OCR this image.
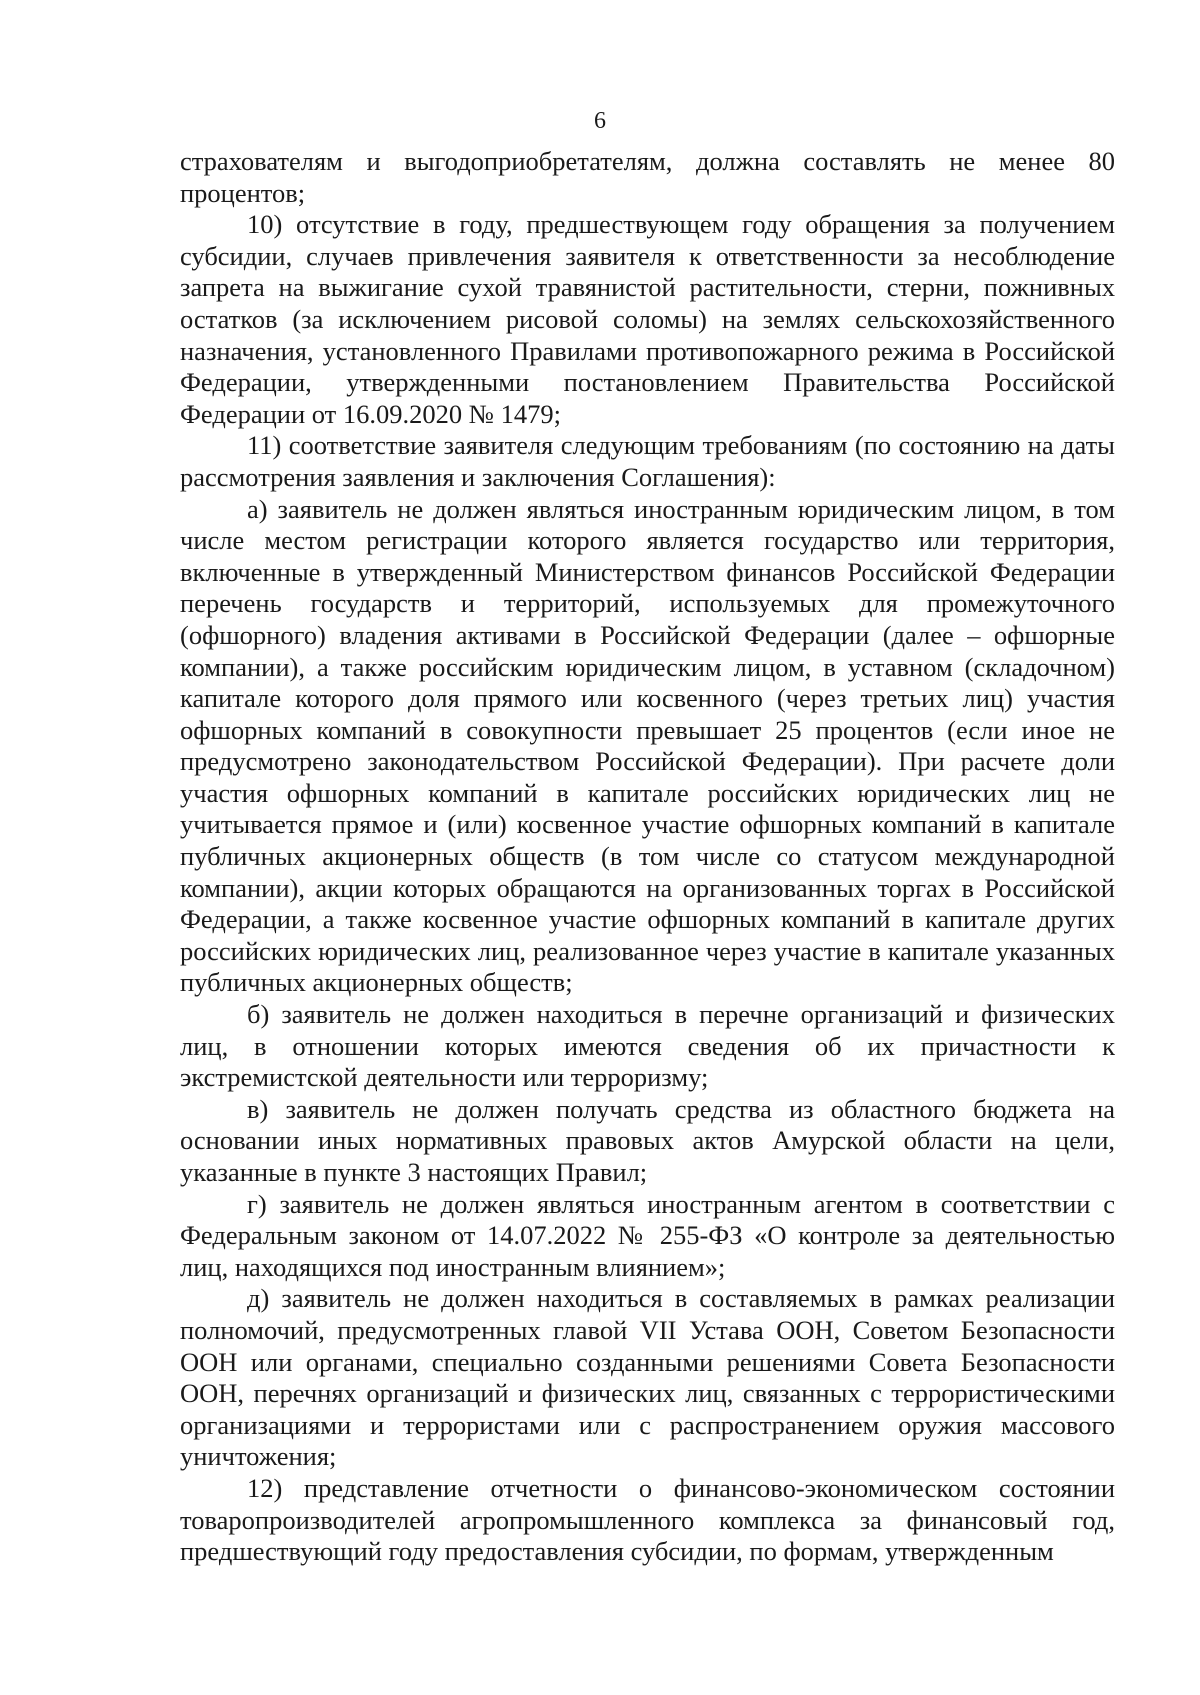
6

страхователям и выгодоприобретателям, должна составлять не менее 80 процентов;

10) отсутствие в году, предшествующем году обращения за получением субсидии, случаев привлечения заявителя к ответственности за несоблюдение запрета на выжигание сухой травянистой растительности, стерни, пожнивных остатков (за исключением рисовой соломы) на землях сельскохозяйственного назначения, установленного Правилами противопожарного режима в Российской Федерации, утвержденными постановлением Правительства Российской Федерации от 16.09.2020 № 1479;

11) соответствие заявителя следующим требованиям (по состоянию на даты рассмотрения заявления и заключения Соглашения):

а) заявитель не должен являться иностранным юридическим лицом, в том числе местом регистрации которого является государство или территория, включенные в утвержденный Министерством финансов Российской Федерации перечень государств и территорий, используемых для промежуточного (офшорного) владения активами в Российской Федерации (далее – офшорные компании), а также российским юридическим лицом, в уставном (складочном) капитале которого доля прямого или косвенного (через третьих лиц) участия офшорных компаний в совокупности превышает 25 процентов (если иное не предусмотрено законодательством Российской Федерации). При расчете доли участия офшорных компаний в капитале российских юридических лиц не учитывается прямое и (или) косвенное участие офшорных компаний в капитале публичных акционерных обществ (в том числе со статусом международной компании), акции которых обращаются на организованных торгах в Российской Федерации, а также косвенное участие офшорных компаний в капитале других российских юридических лиц, реализованное через участие в капитале указанных публичных акционерных обществ;

б) заявитель не должен находиться в перечне организаций и физических лиц, в отношении которых имеются сведения об их причастности к экстремистской деятельности или терроризму;

в) заявитель не должен получать средства из областного бюджета на основании иных нормативных правовых актов Амурской области на цели, указанные в пункте 3 настоящих Правил;

г) заявитель не должен являться иностранным агентом в соответствии с Федеральным законом от 14.07.2022 № 255-ФЗ «О контроле за деятельностью лиц, находящихся под иностранным влиянием»;

д) заявитель не должен находиться в составляемых в рамках реализации полномочий, предусмотренных главой VII Устава ООН, Советом Безопасности ООН или органами, специально созданными решениями Совета Безопасности ООН, перечнях организаций и физических лиц, связанных с террористическими организациями и террористами или с распространением оружия массового уничтожения;

12) представление отчетности о финансово-экономическом состоянии товаропроизводителей агропромышленного комплекса за финансовый год, предшествующий году предоставления субсидии, по формам, утвержденным
